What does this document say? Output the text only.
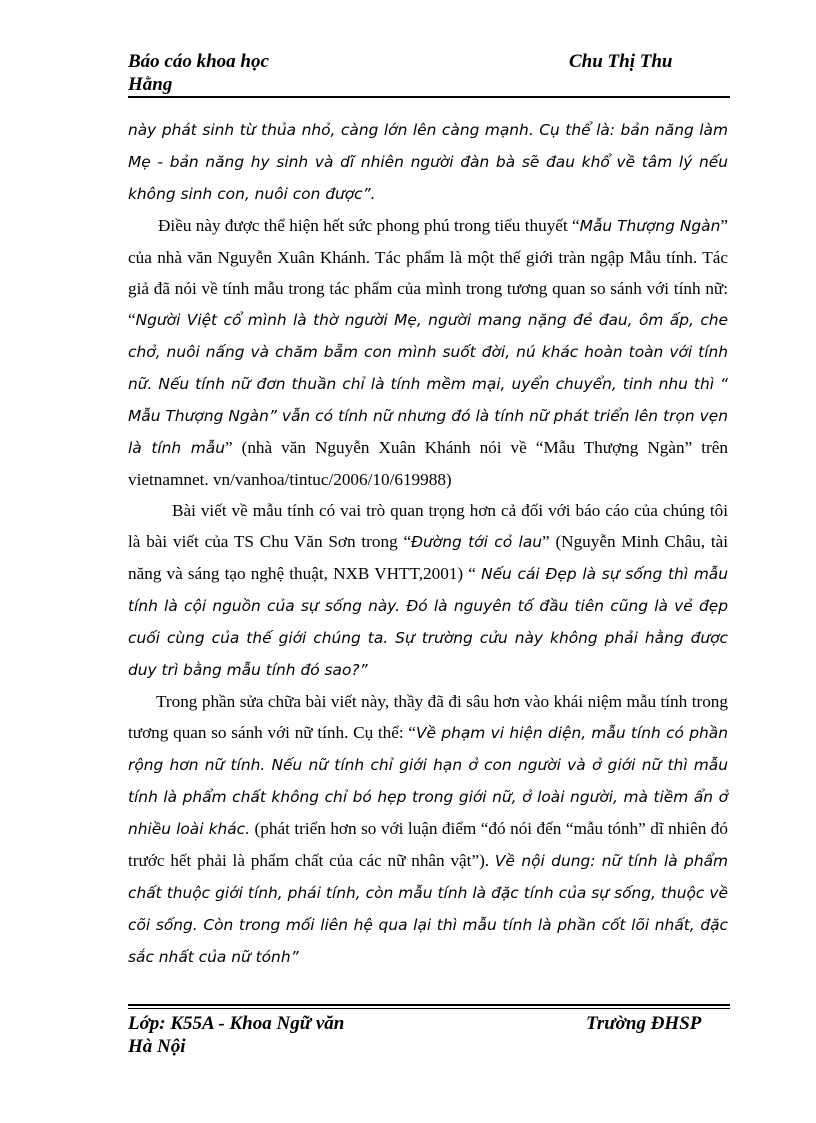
Báo cáo khoa học	Chu Thị Thu
Hằng

này phát sinh từ thủa nhỏ, càng lớn lên càng mạnh. Cụ thể là: bản năng làm Mẹ - bản năng hy sinh và dĩ nhiên người đàn bà sẽ đau khổ về tâm lý nếu không sinh con, nuôi con được”.

Điều này được thể hiện hết sức phong phú trong tiểu thuyết “Mẫu Thượng Ngàn” của nhà văn Nguyễn Xuân Khánh. Tác phẩm là một thế giới tràn ngập Mẫu tính. Tác giả đã nói về tính mẫu trong tác phẩm của mình trong tương quan so sánh với tính nữ: “Người Việt cổ mình là thờ người Mẹ, người mang nặng đẻ đau, ôm ấp, che chở, nuôi nấng và chăm bẵm con mình suốt đời, nú khác hoàn toàn với tính nữ. Nếu tính nữ đơn thuần chỉ là tính mềm mại, uyển chuyển, tinh nhu thì “ Mẫu Thượng Ngàn” vẫn có tính nữ nhưng đó là tính nữ phát triển lên trọn vẹn là tính mẫu” (nhà văn Nguyễn Xuân Khánh nói về “Mẫu Thượng Ngàn” trên vietnamnet. vn/vanhoa/tintuc/2006/10/619988)

Bài viết về mẫu tính có vai trò quan trọng hơn cả đối với báo cáo của chúng tôi là bài viết của TS Chu Văn Sơn trong “Đường tới cỏ lau” (Nguyễn Minh Châu, tài năng và sáng tạo nghệ thuật, NXB VHTT,2001) “ Nếu cái Đẹp là sự sống thì mẫu tính là cội nguồn của sự sống này. Đó là nguyên tố đầu tiên cũng là vẻ đẹp cuối cùng của thế giới chúng ta. Sự trường cửu này không phải hằng được duy trì bằng mẫu tính đó sao?”

Trong phần sửa chữa bài viết này, thầy đã đi sâu hơn vào khái niệm mẫu tính trong tương quan so sánh với nữ tính. Cụ thể: “Về phạm vi hiện diện, mẫu tính có phần rộng hơn nữ tính. Nếu nữ tính chỉ giới hạn ở con người và ở giới nữ thì mẫu tính là phẩm chất không chỉ bó hẹp trong giới nữ, ở loài người, mà tiềm ẩn ở nhiều loài khác. (phát triển hơn so với luận điểm “đó nói đến “mẫu tónh” dĩ nhiên đó trước hết phải là phẩm chất của các nữ nhân vật”). Về nội dung: nữ tính là phẩm chất thuộc giới tính, phái tính, còn mẫu tính là đặc tính của sự sống, thuộc về cõi sống. Còn trong mối liên hệ qua lại thì mẫu tính là phần cốt lõi nhất, đặc sắc nhất của nữ tónh”

Lớp: K55A - Khoa Ngữ văn	Trường ĐHSP
Hà Nội
